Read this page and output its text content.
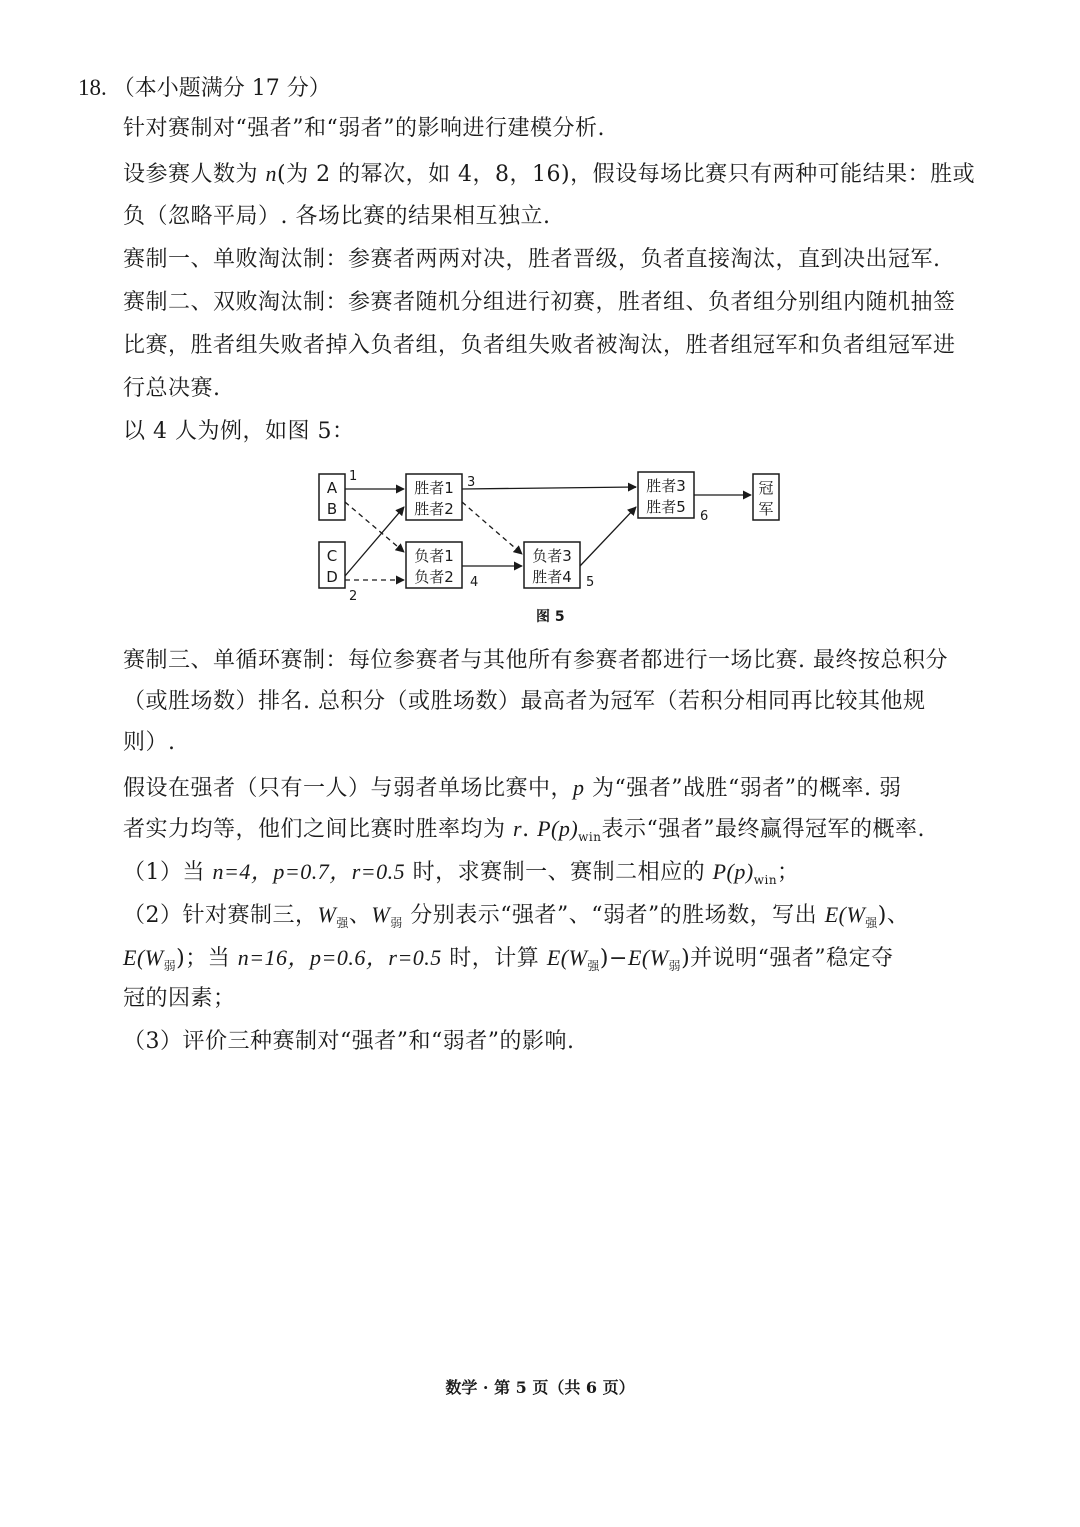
18. （本小题满分 17 分）
针对赛制对“强者”和“弱者”的影响进行建模分析.
设参赛人数为 n(为 2 的幂次，如 4，8，16)，假设每场比赛只有两种可能结果：胜或
负（忽略平局）. 各场比赛的结果相互独立.
赛制一、单败淘汰制：参赛者两两对决，胜者晋级，负者直接淘汰，直到决出冠军.
赛制二、双败淘汰制：参赛者随机分组进行初赛，胜者组、负者组分别组内随机抽签
比赛，胜者组失败者掉入负者组，负者组失败者被淘汰，胜者组冠军和负者组冠军进
行总决赛.
以 4 人为例，如图 5：
A
B
C
D
胜者1
胜者2
负者1
负者2
负者3
胜者4
胜者3
胜者5
冠
军
1
2
3
4	5
6
图 5
赛制三、单循环赛制：每位参赛者与其他所有参赛者都进行一场比赛. 最终按总积分
（或胜场数）排名. 总积分（或胜场数）最高者为冠军（若积分相同再比较其他规
则）.
假设在强者（只有一人）与弱者单场比赛中，p 为“强者”战胜“弱者”的概率. 弱
者实力均等，他们之间比赛时胜率均为 r. $P(p)_{win}$表示“强者”最终赢得冠军的概率.
（1）当 n=4，p=0.7，r=0.5 时，求赛制一、赛制二相应的 $P(p)_{win}$；
（2）针对赛制三，$W_强$、$W_弱$ 分别表示“强者”、“弱者”的胜场数，写出 $E(W_强)$、
$E(W_弱)$；当 n=16，p=0.6，r=0.5 时，计算 $E(W_强)-E(W_弱)$并说明“强者”稳定夺
冠的因素；
（3）评价三种赛制对“强者”和“弱者”的影响.
数学 · 第 5 页（共 6 页）
